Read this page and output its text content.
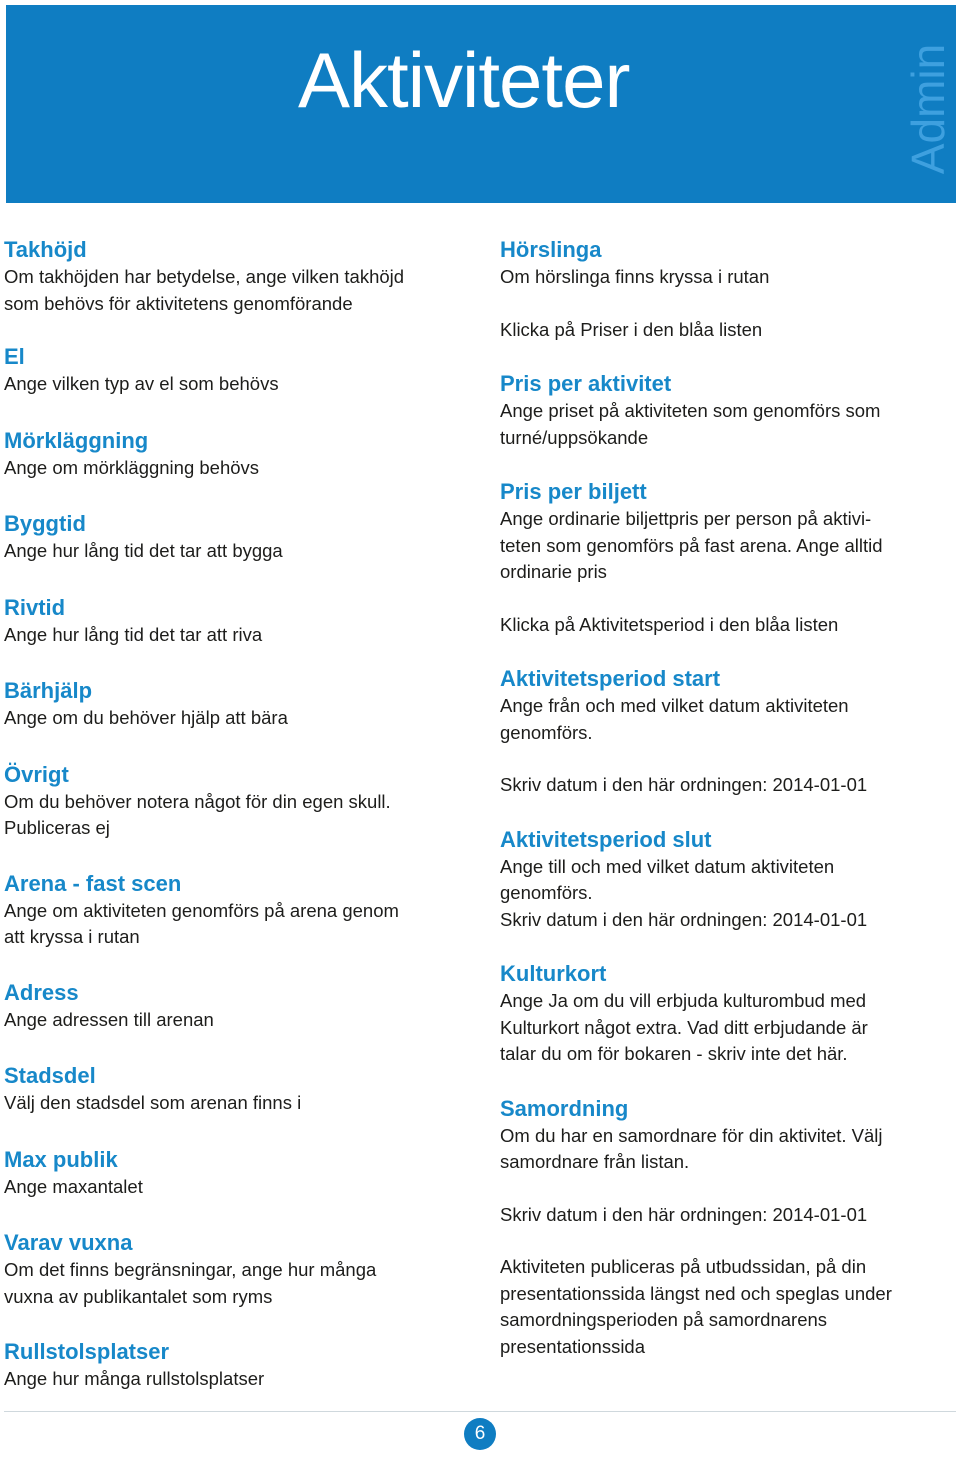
Aktiviteter	Admin
Takhöjd
Om takhöjden har betydelse, ange vilken takhöjd
som behövs för aktivitetens genomförande
El
Ange vilken typ av el som behövs
Mörkläggning
Ange om mörkläggning behövs
Byggtid
Ange hur lång tid det tar att bygga
Rivtid
Ange hur lång tid det tar att riva
Bärhjälp
Ange om du behöver hjälp att bära
Övrigt
Om du behöver notera något för din egen skull.
Publiceras ej
Arena - fast scen
Ange om aktiviteten genomförs på arena genom
att kryssa i rutan
Adress
Ange adressen till arenan
Stadsdel
Välj den stadsdel som arenan finns i
Max publik
Ange maxantalet
Varav vuxna
Om det finns begränsningar, ange hur många
vuxna av publikantalet som ryms
Rullstolsplatser
Ange hur många rullstolsplatser
Hörslinga
Om hörslinga finns kryssa i rutan
Klicka på Priser i den blåa listen
Pris per aktivitet
Ange priset på aktiviteten som genomförs som
turné/uppsökande
Pris per biljett
Ange ordinarie biljettpris per person på aktivi-
teten som genomförs på fast arena. Ange alltid
ordinarie pris
Klicka på Aktivitetsperiod i den blåa listen
Aktivitetsperiod start
Ange från och med vilket datum aktiviteten
genomförs.
Skriv datum i den här ordningen: 2014-01-01
Aktivitetsperiod slut
Ange till och med vilket datum aktiviteten
genomförs.
Skriv datum i den här ordningen: 2014-01-01
Kulturkort
Ange Ja om du vill erbjuda kulturombud med
Kulturkort något extra. Vad ditt erbjudande är
talar du om för bokaren - skriv inte det här.
Samordning
Om du har en samordnare för din aktivitet. Välj
samordnare från listan.
Skriv datum i den här ordningen: 2014-01-01
Aktiviteten publiceras på utbudssidan, på din
presentationssida längst ned och speglas under
samordningsperioden på samordnarens
presentationssida
6
